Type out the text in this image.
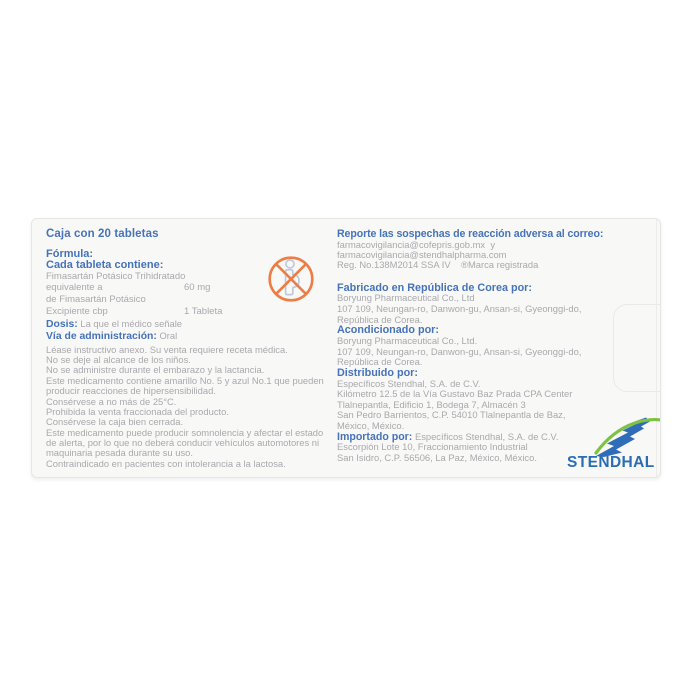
Caja con 20 tabletas
Fórmula:
Cada tableta contiene:
Fimasartán Potásico Trihidratado
equivalente a	60 mg
de Fimasartán Potásico
Excipiente cbp	1 Tableta
Dosis: La que el médico señale
Vía de administración: Oral
Léase instructivo anexo. Su venta requiere receta médica.
No se deje al alcance de los niños.
No se administre durante el embarazo y la lactancia.
Este medicamento contiene amarillo No. 5 y azul No.1 que pueden
producir reacciones de hipersensibilidad.
Consérvese a no más de 25°C.
Prohibida la venta fraccionada del producto.
Consérvese la caja bien cerrada.
Este medicamento puede producir somnolencia y afectar el estado
de alerta, por lo que no deberá conducir vehículos automotores ni
maquinaria pesada durante su uso.
Contraindicado en pacientes con intolerancia a la lactosa.
Reporte las sospechas de reacción adversa al correo:
farmacovigilancia@cofepris.gob.mx  y
farmacovigilancia@stendhalpharma.com
Reg. No.138M2014 SSA IV    ®Marca registrada
Fabricado en República de Corea por:
Boryung Pharmaceutical Co., Ltd
107 109, Neungan-ro, Danwon-gu, Ansan-si, Gyeonggi-do,
República de Corea.
Acondicionado por:
Boryung Pharmaceutical Co., Ltd.
107 109, Neungan-ro, Danwon-gu, Ansan-si, Gyeonggi-do,
República de Corea.
Distribuido por:
Específicos Stendhal, S.A. de C.V.
Kilómetro 12.5 de la Vía Gustavo Baz Prada CPA Center
Tlalnepantla, Edificio 1, Bodega 7, Almacén 3
San Pedro Barrientos, C.P. 54010 Tlalnepantla de Baz,
México, México.
Importado por: Específicos Stendhal, S.A. de C.V.
Escorpión Lote 10, Fraccionamiento Industrial
San Isidro, C.P. 56506, La Paz, México, México.	STENDHAL
